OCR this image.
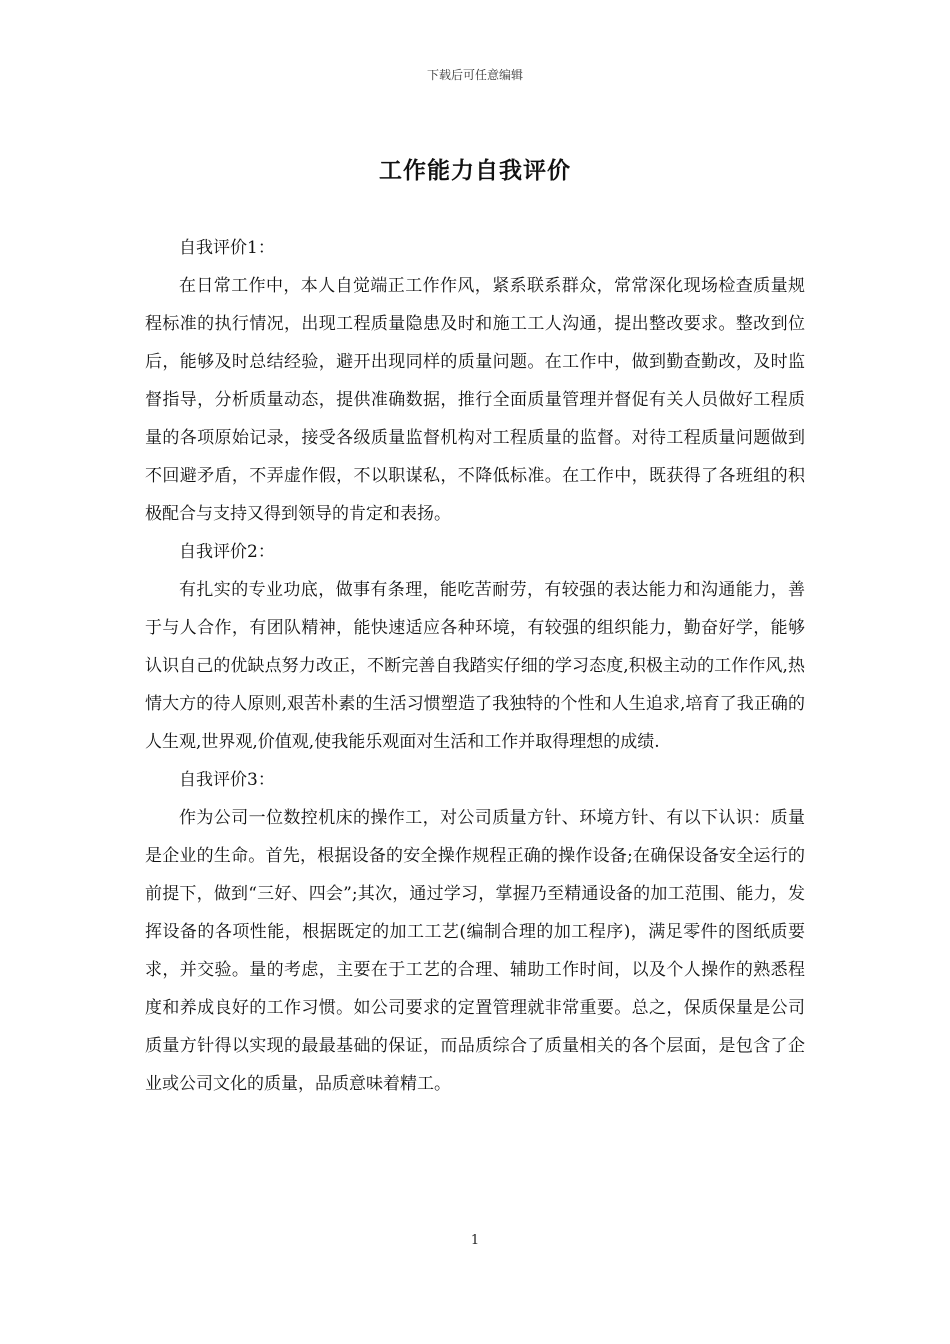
下载后可任意编辑
工作能力自我评价

自我评价1：

在日常工作中，本人自觉端正工作作风，紧系联系群众，常常深化现场检查质量规程标准的执行情况，出现工程质量隐患及时和施工工人沟通，提出整改要求。整改到位后，能够及时总结经验，避开出现同样的质量问题。在工作中，做到勤查勤改，及时监督指导，分析质量动态，提供准确数据，推行全面质量管理并督促有关人员做好工程质量的各项原始记录，接受各级质量监督机构对工程质量的监督。对待工程质量问题做到不回避矛盾，不弄虚作假，不以职谋私，不降低标准。在工作中，既获得了各班组的积极配合与支持又得到领导的肯定和表扬。

自我评价2：

有扎实的专业功底，做事有条理，能吃苦耐劳，有较强的表达能力和沟通能力，善于与人合作，有团队精神，能快速适应各种环境，有较强的组织能力，勤奋好学，能够认识自己的优缺点努力改正，不断完善自我踏实仔细的学习态度,积极主动的工作作风,热情大方的待人原则,艰苦朴素的生活习惯塑造了我独特的个性和人生追求,培育了我正确的人生观,世界观,价值观,使我能乐观面对生活和工作并取得理想的成绩.

自我评价3：

作为公司一位数控机床的操作工，对公司质量方针、环境方针、有以下认识：质量是企业的生命。首先，根据设备的安全操作规程正确的操作设备;在确保设备安全运行的前提下，做到“三好、四会”;其次，通过学习，掌握乃至精通设备的加工范围、能力，发挥设备的各项性能，根据既定的加工工艺(编制合理的加工程序)，满足零件的图纸质要求，并交验。量的考虑，主要在于工艺的合理、辅助工作时间，以及个人操作的熟悉程度和养成良好的工作习惯。如公司要求的定置管理就非常重要。总之，保质保量是公司质量方针得以实现的最最基础的保证，而品质综合了质量相关的各个层面，是包含了企业或公司文化的质量，品质意味着精工。

1
